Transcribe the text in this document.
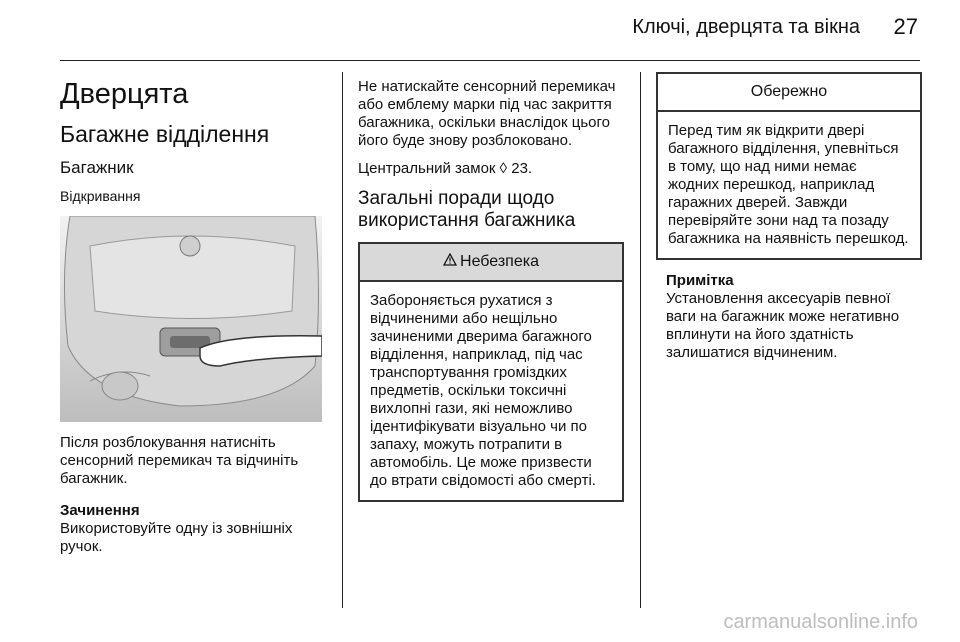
Ключі, дверцята та вікна 27
Дверцята
Багажне відділення
Багажник
Відкривання

Після розблокування натисніть сенсорний перемикач та відчиніть багажник.

Зачинення

Використовуйте одну із зовнішніх ручок.

Не натискайте сенсорний перемикач або емблему марки під час закриття багажника, оскільки внаслідок цього його буде знову розблоковано.

Центральний замок ◊ 23.

Загальні поради щодо використання багажника
Небезпека

Забороняється рухатися з відчиненими або нещільно зачиненими дверима багажного відділення, наприклад, під час транспортування громіздких предметів, оскільки токсичні вихлопні гази, які неможливо ідентифікувати візуально чи по запаху, можуть потрапити в автомобіль. Це може призвести до втрати свідомості або смерті.

Обережно

Перед тим як відкрити двері багажного відділення, упевніться в тому, що над ними немає жодних перешкод, наприклад гаражних дверей. Завжди перевіряйте зони над та позаду багажника на наявність перешкод.

Примітка

Установлення аксесуарів певної ваги на багажник може негативно вплинути на його здатність залишатися відчиненим.

carmanualsonline.info
